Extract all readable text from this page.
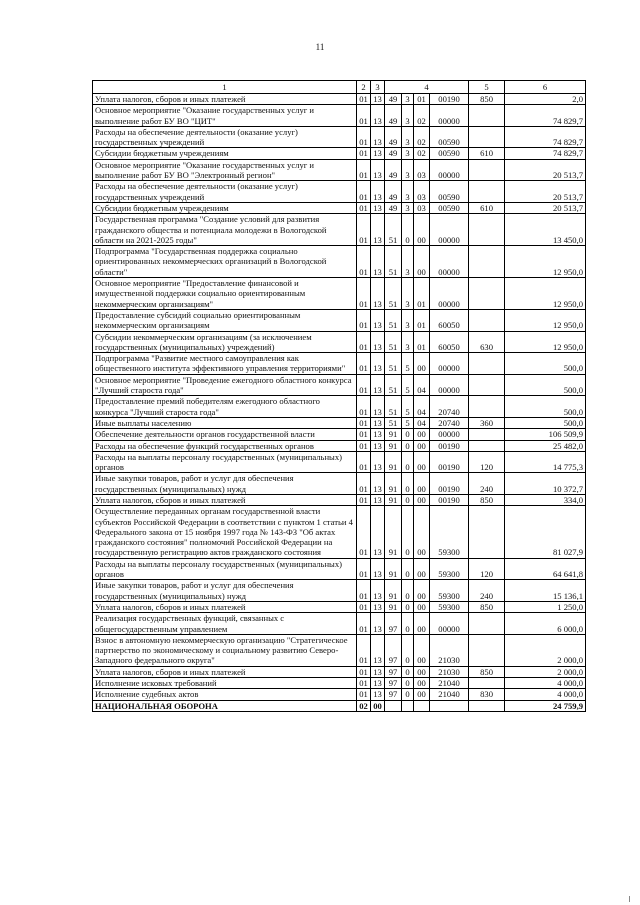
11
1	2	3	4				5	6
Уплата налогов, сборов и иных платежей	01	13	49	3	01	00190	850	2,0
Основное мероприятие "Оказание государственных услуг и выполнение работ БУ ВО "ЦИТ"	01	13	49	3	02	00000		74 829,7
Расходы на обеспечение деятельности (оказание услуг) государственных учреждений	01	13	49	3	02	00590		74 829,7
Субсидии бюджетным учреждениям	01	13	49	3	02	00590	610	74 829,7
Основное мероприятие "Оказание государственных услуг и выполнение работ БУ ВО "Электронный регион"	01	13	49	3	03	00000		20 513,7
Расходы на обеспечение деятельности (оказание услуг) государственных учреждений	01	13	49	3	03	00590		20 513,7
Субсидии бюджетным учреждениям	01	13	49	3	03	00590	610	20 513,7
Государственная программа "Создание условий для развития гражданского общества и потенциала молодежи в Вологодской области на 2021-2025 годы"	01	13	51	0	00	00000		13 450,0
Подпрограмма "Государственная поддержка социально ориентированных некоммерческих организаций в Вологодской области"	01	13	51	3	00	00000		12 950,0
Основное мероприятие "Предоставление финансовой и имущественной поддержки социально ориентированным некоммерческим организациям"	01	13	51	3	01	00000		12 950,0
Предоставление субсидий социально ориентированным некоммерческим организациям	01	13	51	3	01	60050		12 950,0
Субсидии некоммерческим организациям (за исключением государственных (муниципальных) учреждений)	01	13	51	3	01	60050	630	12 950,0
Подпрограмма "Развитие местного самоуправления как общественного института эффективного управления территориями"	01	13	51	5	00	00000		500,0
Основное мероприятие "Проведение ежегодного областного конкурса "Лучший староста года"	01	13	51	5	04	00000		500,0
Предоставление премий победителям ежегодного областного конкурса "Лучший староста года"	01	13	51	5	04	20740		500,0
Иные выплаты населению	01	13	51	5	04	20740	360	500,0
Обеспечение деятельности органов государственной власти	01	13	91	0	00	00000		106 509,9
Расходы на обеспечение функций государственных органов	01	13	91	0	00	00190		25 482,0
Расходы на выплаты персоналу государственных (муниципальных) органов	01	13	91	0	00	00190	120	14 775,3
Иные закупки товаров, работ и услуг для обеспечения государственных (муниципальных) нужд	01	13	91	0	00	00190	240	10 372,7
Уплата налогов, сборов и иных платежей	01	13	91	0	00	00190	850	334,0
Осуществление переданных органам государственной власти субъектов Российской Федерации в соответствии с пунктом 1 статьи 4 Федерального закона от 15 ноября 1997 года № 143-ФЗ "Об актах гражданского состояния" полномочий Российской Федерации на государственную регистрацию актов гражданского состояния	01	13	91	0	00	59300		81 027,9
Расходы на выплаты персоналу государственных (муниципальных) органов	01	13	91	0	00	59300	120	64 641,8
Иные закупки товаров, работ и услуг для обеспечения государственных (муниципальных) нужд	01	13	91	0	00	59300	240	15 136,1
Уплата налогов, сборов и иных платежей	01	13	91	0	00	59300	850	1 250,0
Реализация государственных функций, связанных с общегосударственным управлением	01	13	97	0	00	00000		6 000,0
Взнос в автономную некоммерческую организацию "Стратегическое партнерство по экономическому и социальному развитию Северо-Западного федерального округа"	01	13	97	0	00	21030		2 000,0
Уплата налогов, сборов и иных платежей	01	13	97	0	00	21030	850	2 000,0
Исполнение исковых требований	01	13	97	0	00	21040		4 000,0
Исполнение судебных актов	01	13	97	0	00	21040	830	4 000,0
НАЦИОНАЛЬНАЯ ОБОРОНА	02	00						24 759,9
